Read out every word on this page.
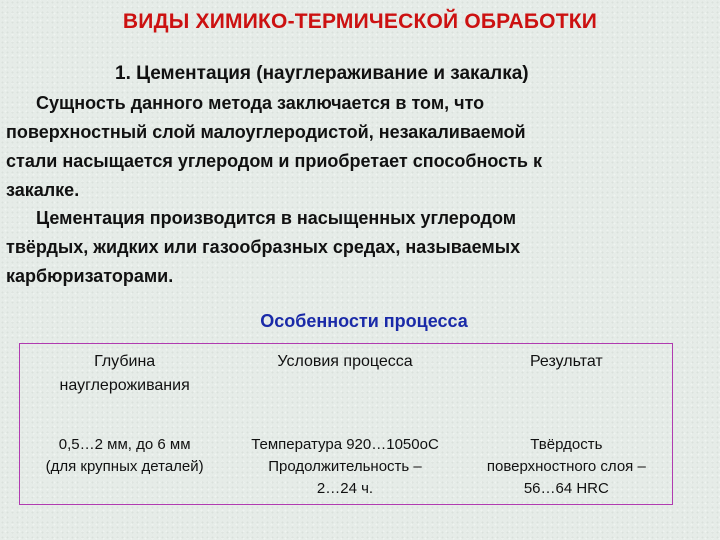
ВИДЫ ХИМИКО-ТЕРМИЧЕСКОЙ ОБРАБОТКИ
1. Цементация (науглераживание и закалка)
Сущность данного метода заключается в том, что
поверхностный слой малоуглеродистой, незакаливаемой
стали насыщается углеродом и приобретает способность к
закалке.
Цементация производится в насыщенных углеродом
твёрдых, жидких или газообразных средах, называемых
карбюризаторами.
Особенности процесса
Глубина
науглероживания	Условия процесса	Результат

0,5…2 мм, до 6 мм
(для крупных деталей)	Температура 920…1050оС
Продолжительность –
2…24 ч.	Твёрдость
поверхностного слоя –
56…64 HRC
